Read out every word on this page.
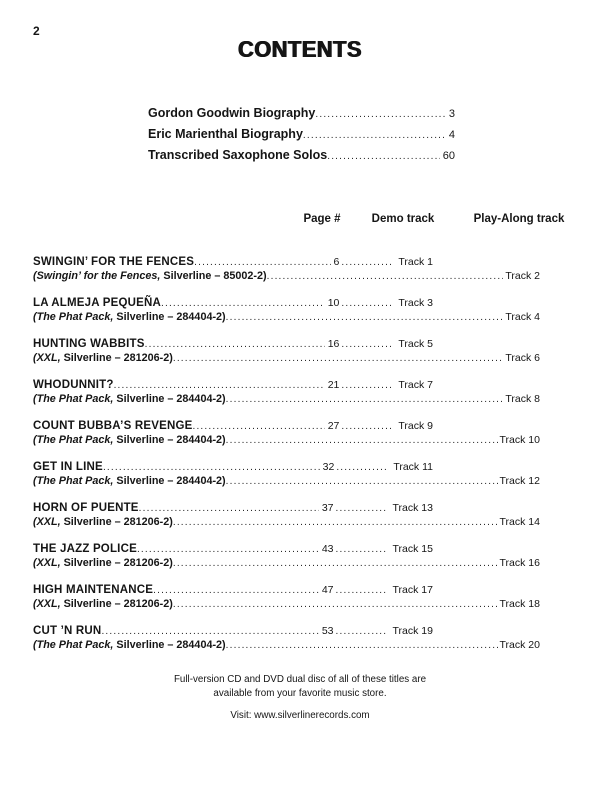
2
CONTENTS
Gordon Goodwin Biography .....	3
Eric Marienthal Biography .....	4
Transcribed Saxophone Solos .....	60
Page #	Demo track	Play-Along track
SWINGIN’ FOR THE FENCES .....	6 .....	Track 1
(Swingin’ for the Fences, Silverline – 85002-2) .....	Track 2
LA ALMEJA PEQUEÑA .....	10 .....	Track 3
(The Phat Pack, Silverline – 284404-2) .....	Track 4
HUNTING WABBITS .....	16 .....	Track 5
(XXL, Silverline – 281206-2) .....	Track 6
WHODUNNIT? .....	21 .....	Track 7
(The Phat Pack, Silverline – 284404-2) .....	Track 8
COUNT BUBBA’S REVENGE .....	27 .....	Track 9
(The Phat Pack, Silverline – 284404-2) .....	Track 10
GET IN LINE .....	32 .....	Track 11
(The Phat Pack, Silverline – 284404-2) .....	Track 12
HORN OF PUENTE .....	37 .....	Track 13
(XXL, Silverline – 281206-2) .....	Track 14
THE JAZZ POLICE .....	43 .....	Track 15
(XXL, Silverline – 281206-2) .....	Track 16
HIGH MAINTENANCE .....	47 .....	Track 17
(XXL, Silverline – 281206-2) .....	Track 18
CUT ’N RUN .....	53 .....	Track 19
(The Phat Pack, Silverline – 284404-2) .....	Track 20
Full-version CD and DVD dual disc of all of these titles are
available from your favorite music store.
Visit: www.silverlinerecords.com
